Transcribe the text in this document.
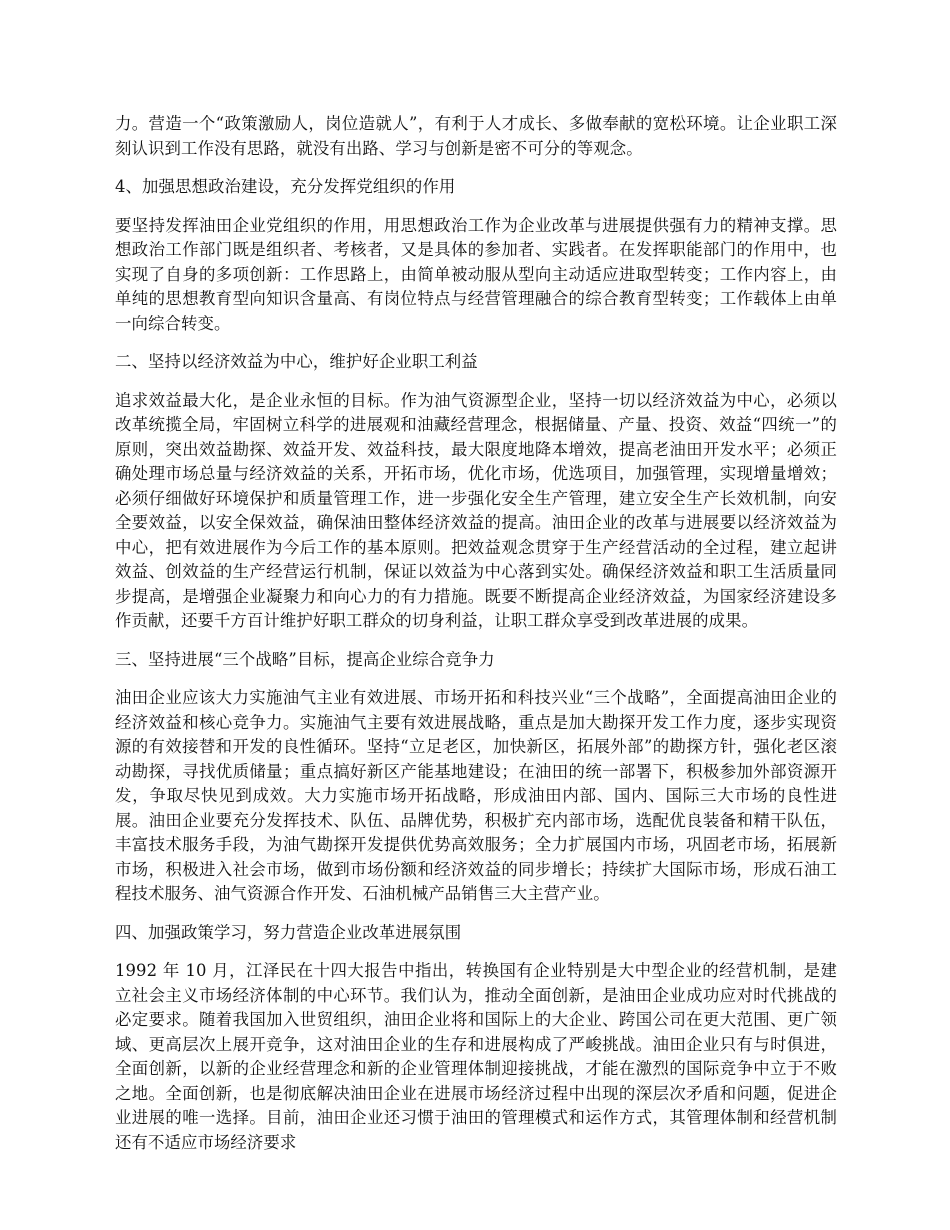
力。营造一个“政策激励人，岗位造就人”，有利于人才成长、多做奉献的宽松环境。让企业职工深刻认识到工作没有思路，就没有出路、学习与创新是密不可分的等观念。

4、加强思想政治建设，充分发挥党组织的作用

要坚持发挥油田企业党组织的作用，用思想政治工作为企业改革与进展提供强有力的精神支撑。思想政治工作部门既是组织者、考核者，又是具体的参加者、实践者。在发挥职能部门的作用中，也实现了自身的多项创新：工作思路上，由简单被动服从型向主动适应进取型转变；工作内容上，由单纯的思想教育型向知识含量高、有岗位特点与经营管理融合的综合教育型转变；工作载体上由单一向综合转变。

二、坚持以经济效益为中心，维护好企业职工利益

追求效益最大化，是企业永恒的目标。作为油气资源型企业，坚持一切以经济效益为中心，必须以改革统揽全局，牢固树立科学的进展观和油藏经营理念，根据储量、产量、投资、效益“四统一”的原则，突出效益勘探、效益开发、效益科技，最大限度地降本增效，提高老油田开发水平；必须正确处理市场总量与经济效益的关系，开拓市场，优化市场，优选项目，加强管理，实现增量增效；必须仔细做好环境保护和质量管理工作，进一步强化安全生产管理，建立安全生产长效机制，向安全要效益，以安全保效益，确保油田整体经济效益的提高。油田企业的改革与进展要以经济效益为中心，把有效进展作为今后工作的基本原则。把效益观念贯穿于生产经营活动的全过程，建立起讲效益、创效益的生产经营运行机制，保证以效益为中心落到实处。确保经济效益和职工生活质量同步提高，是增强企业凝聚力和向心力的有力措施。既要不断提高企业经济效益，为国家经济建设多作贡献，还要千方百计维护好职工群众的切身利益，让职工群众享受到改革进展的成果。

三、坚持进展“三个战略”目标，提高企业综合竞争力

油田企业应该大力实施油气主业有效进展、市场开拓和科技兴业“三个战略”，全面提高油田企业的经济效益和核心竞争力。实施油气主要有效进展战略，重点是加大勘探开发工作力度，逐步实现资源的有效接替和开发的良性循环。坚持“立足老区，加快新区，拓展外部”的勘探方针，强化老区滚动勘探，寻找优质储量；重点搞好新区产能基地建设；在油田的统一部署下，积极参加外部资源开发，争取尽快见到成效。大力实施市场开拓战略，形成油田内部、国内、国际三大市场的良性进展。油田企业要充分发挥技术、队伍、品牌优势，积极扩充内部市场，选配优良装备和精干队伍，丰富技术服务手段，为油气勘探开发提供优势高效服务；全力扩展国内市场，巩固老市场，拓展新市场，积极进入社会市场，做到市场份额和经济效益的同步增长；持续扩大国际市场，形成石油工程技术服务、油气资源合作开发、石油机械产品销售三大主营产业。

四、加强政策学习，努力营造企业改革进展氛围

1992 年 10 月，江泽民在十四大报告中指出，转换国有企业特别是大中型企业的经营机制，是建立社会主义市场经济体制的中心环节。我们认为，推动全面创新，是油田企业成功应对时代挑战的必定要求。随着我国加入世贸组织，油田企业将和国际上的大企业、跨国公司在更大范围、更广领域、更高层次上展开竞争，这对油田企业的生存和进展构成了严峻挑战。油田企业只有与时俱进，全面创新，以新的企业经营理念和新的企业管理体制迎接挑战，才能在激烈的国际竞争中立于不败之地。全面创新，也是彻底解决油田企业在进展市场经济过程中出现的深层次矛盾和问题，促进企业进展的唯一选择。目前，油田企业还习惯于油田的管理模式和运作方式，其管理体制和经营机制还有不适应市场经济要求
